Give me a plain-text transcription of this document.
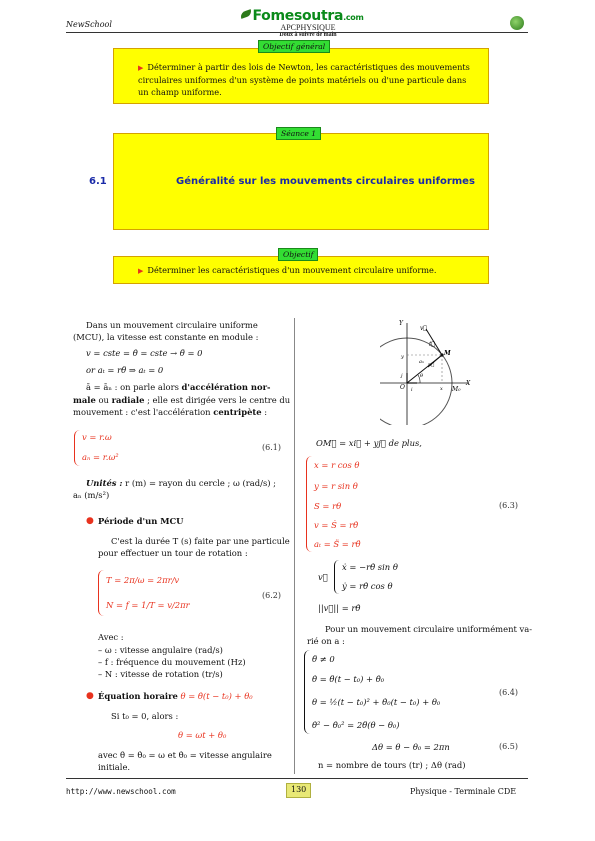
NewSchool
Fomesoutra.com
APCPHYSIQUE
Doux à suivre de main
▶ Déterminer à partir des lois de Newton, les caractéristiques des mouvements circulaires uniformes d'un système de points matériels ou d'une particule dans un champ uniforme.
Objectif général
Séance 1
6.1	Généralité sur les mouvements circulaires uniformes
▶ Déterminer les caractéristiques d'un mouvement circulaire uniforme.
Objectif
Dans un mouvement circulaire uniforme
(MCU), la vitesse est constante en module :
v = cste = θ̇ = cste → θ̈ = 0
or aₜ = rθ̈ ⇒ aₜ = 0
ā = āₙ : on parle alors d'accélération nor-
male ou radiale ; elle est dirigée vers le centre du
mouvement : c'est l'accélération centripète :
v = r.ω
aₙ = r.ω²
(6.1)
Unités : r (m) = rayon du cercle ; ω (rad/s) ;
aₙ (m/s²)
● Période d'un MCU
C'est la durée T (s) faite par une particule
pour effectuer un tour de rotation :
T = 2π/ω = 2πr/v
N = f = 1/T = v/2πr
(6.2)
Avec :
– ω : vitesse angulaire (rad/s)
– f : fréquence du mouvement (Hz)
– N : vitesse de rotation (tr/s)
● Équation horaire θ = θ̇(t − t₀) + θ₀
Si t₀ = 0, alors :
θ = ωt + θ₀
avec θ̇ = θ̇₀ = ω et θ̇₀ = vitesse angulaire
initiale.
Y
X
O
M
M₀
v⃗
t⃗
n⃗
aₙ
i
j
x
y
θ
OM⃗ = xi⃗ + yj⃗ de plus,
x = r cos θ
y = r sin θ
S = rθ
v = Ṡ = rθ̇
aₜ = S̈ = rθ̈
(6.3)
v⃗
ẋ = −rθ̇ sin θ
ẏ = rθ̇ cos θ
||v⃗|| = rθ̇
Pour un mouvement circulaire uniformément va-
rié on a :
θ̈ ≠ 0
θ̇ = θ̈(t − t₀) + θ̇₀
θ = ½(t − t₀)² + θ̇₀(t − t₀) + θ₀
θ̇² − θ̇₀² = 2θ̈(θ − θ₀)
(6.4)
Δθ = θ − θ₀ = 2πn	(6.5)
n = nombre de tours (tr) ; Δθ (rad)
http://www.newschool.com	130	Physique - Terminale CDE
